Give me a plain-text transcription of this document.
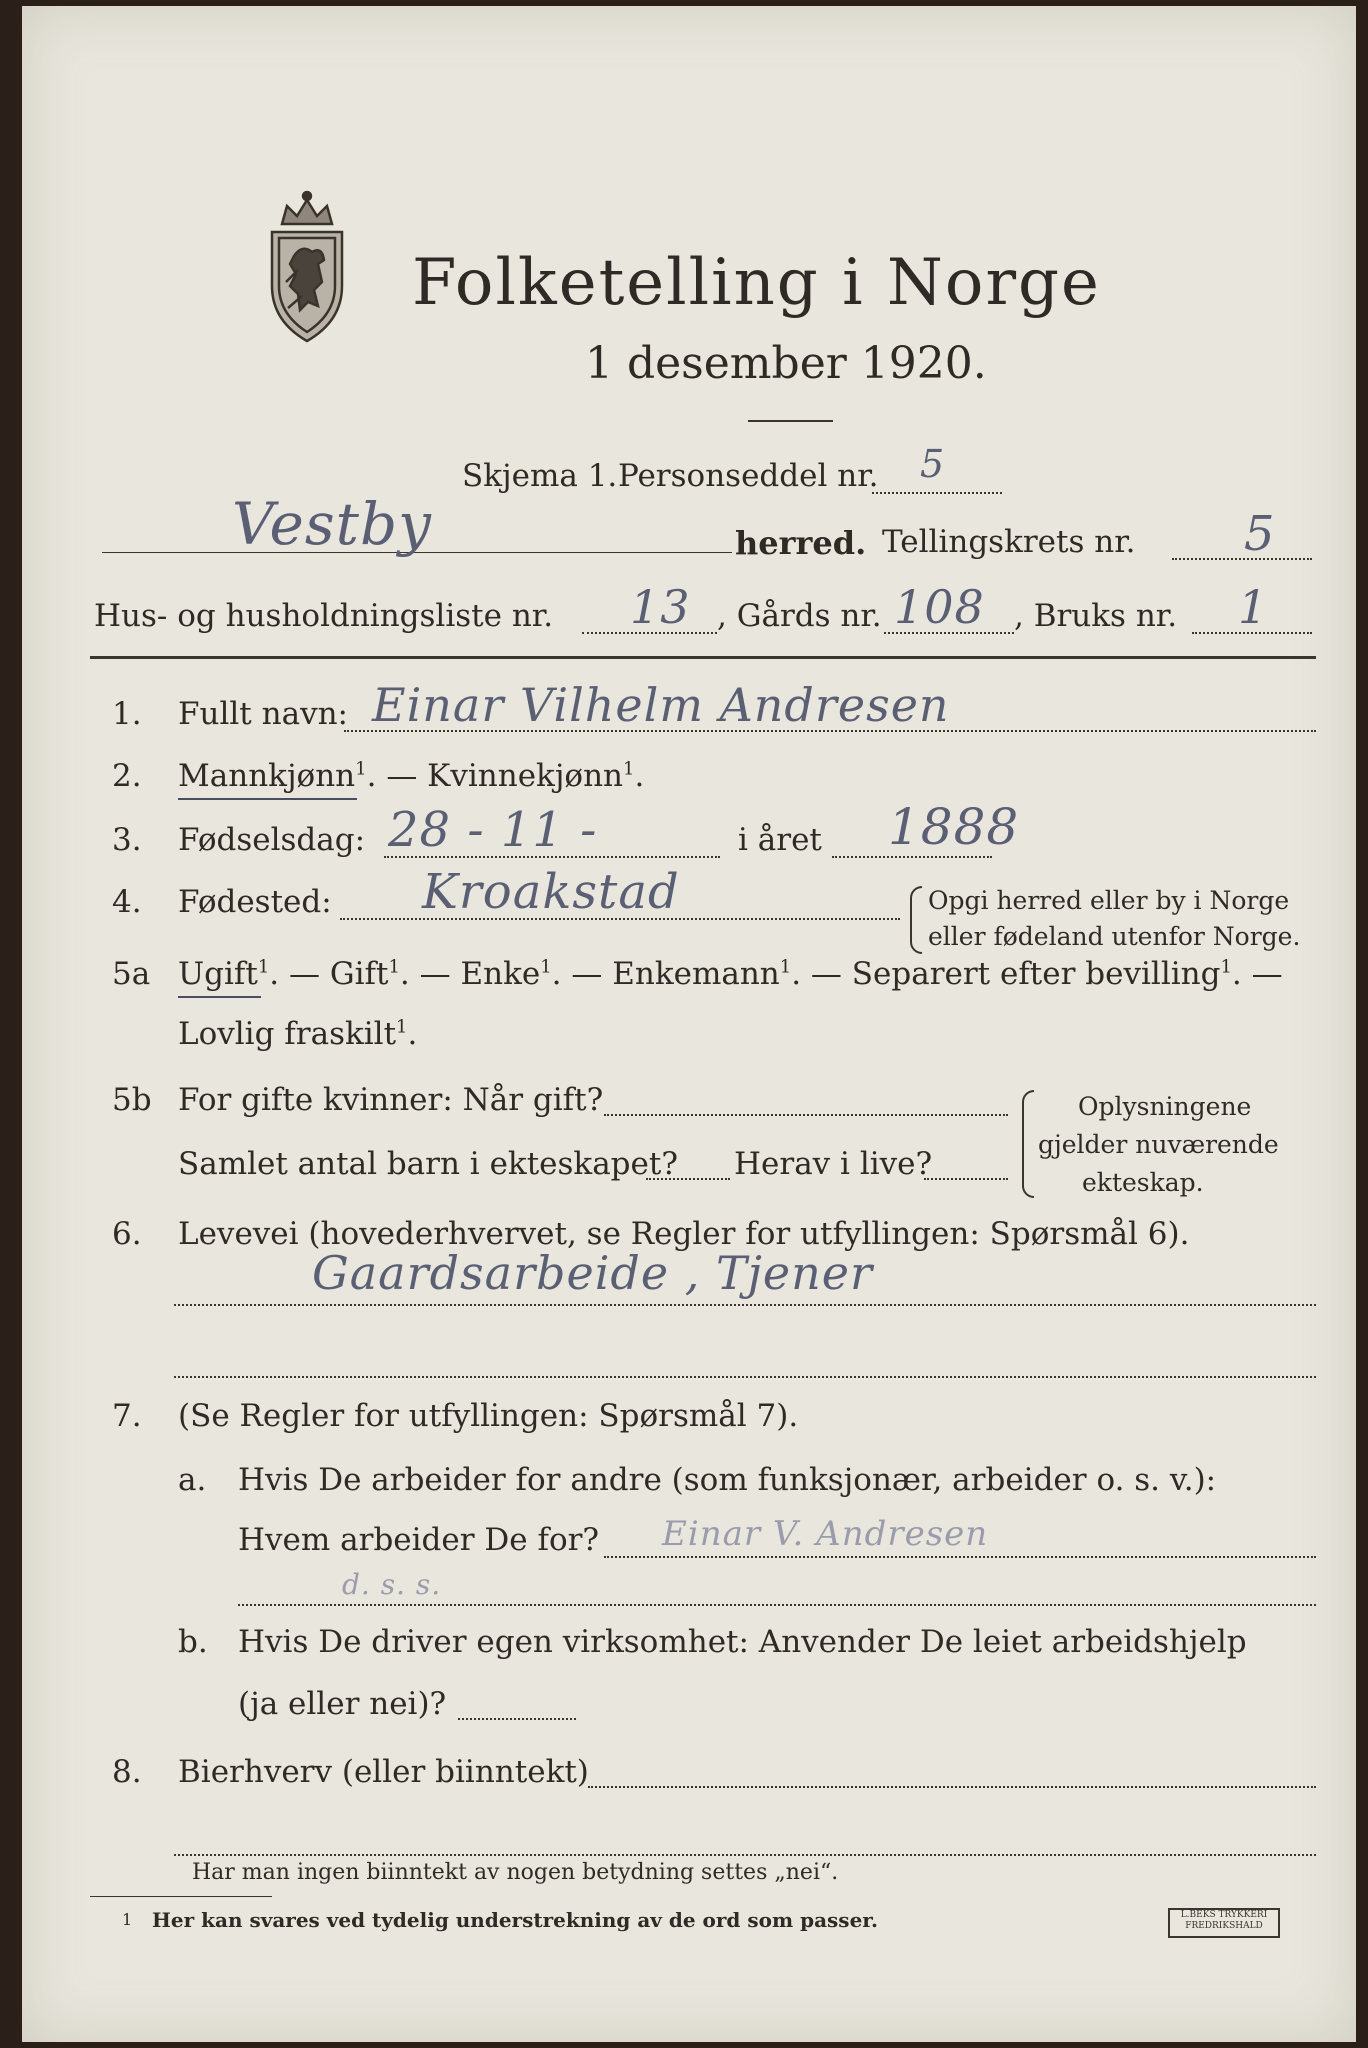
Folketelling i Norge
1 desember 1920.
Skjema 1. Personseddel nr. 5
Vestby	herred. Tellingskrets nr. 5
Hus- og husholdningsliste nr. 13 , Gårds nr. 108 , Bruks nr. 1
1. Fullt navn: Einar Vilhelm Andresen
2. Mannkjønn$^1$
. — Kvinnekjønn$^1$.
3. Fødselsdag: 28 - 11 -	i året 1888
4. Fødested: Kroakstad	Opgi herred eller by i Norge
eller fødeland utenfor Norge.
5a Ugift$^1$
. — Gift$^1$. — Enke$^1$. — Enkemann$^1$. — Separert efter bevilling$^1$. —
Lovlig fraskilt$^1$.
5b For gifte kvinner: Når gift?
Samlet antal barn i ekteskapet? Herav i live?
Oplysningene
gjelder nuværende
ekteskap.
6. Levevei (hovederhvervet, se Regler for utfyllingen: Spørsmål 6).
Gaardsarbeide , Tjener
7. (Se Regler for utfyllingen: Spørsmål 7).
a. Hvis De arbeider for andre (som funksjonær, arbeider o. s. v.):
Hvem arbeider De for? Einar V. Andresen
d. s. s.
b. Hvis De driver egen virksomhet: Anvender De leiet arbeidshjelp
(ja eller nei)?
8. Bierhverv (eller biinntekt)
Har man ingen biinntekt av nogen betydning settes „nei“.
1 Her kan svares ved tydelig understrekning av de ord som passer.	L.BEKS TRYKKERI
FREDRIKSHALD
